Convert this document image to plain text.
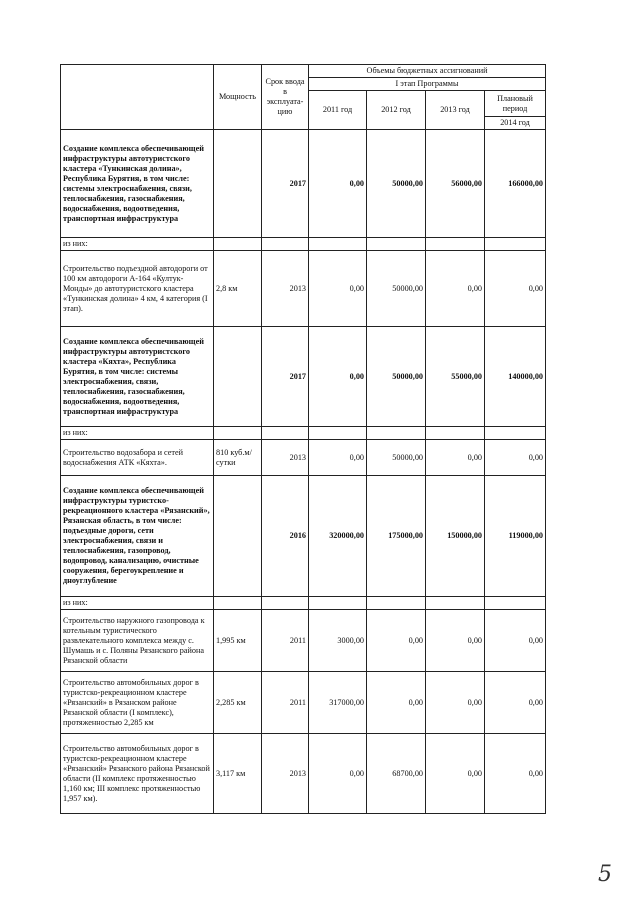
	Мощность	Срок ввода в эксплуата-цию	Объемы бюджетных ассигнований			
			I этап Программы			
			2011 год	2012 год	2013 год	Плановый период
						2014 год
Создание комплекса обеспечивающей инфраструктуры автотуристского кластера «Тункинская долина», Республика Бурятия, в том числе: системы электроснабжения, связи, теплоснабжения, газоснабжения, водоснабжения, водоотведения, транспортная инфраструктура		2017	0,00	50000,00	56000,00	166000,00
из них:						
Строительство подъездной автодороги от 100 км автодороги А-164 «Култук-Монды» до автотуристского кластера «Тункинская долина» 4 км, 4 категория (I этап).	2,8 км	2013	0,00	50000,00	0,00	0,00
Создание комплекса обеспечивающей инфраструктуры автотуристского кластера «Кяхта», Республика Бурятия, в том числе: системы электроснабжения, связи, теплоснабжения, газоснабжения, водоснабжения, водоотведения, транспортная инфраструктура		2017	0,00	50000,00	55000,00	140000,00
из них:						
Строительство водозабора и сетей водоснабжения АТК «Кяхта».	810 куб.м/сутки	2013	0,00	50000,00	0,00	0,00
Создание комплекса обеспечивающей инфраструктуры туристско-рекреационного кластера «Рязанский», Рязанская область, в том числе: подъездные дороги, сети электроснабжения, связи и теплоснабжения, газопровод, водопровод, канализацию, очистные сооружения, берегоукрепление и дноуглубление		2016	320000,00	175000,00	150000,00	119000,00
из них:						
Строительство наружного газопровода к котельным туристического развлекательного комплекса между с. Шумашь и с. Поляны Рязанского района Рязанской области	1,995 км	2011	3000,00	0,00	0,00	0,00
Строительство автомобильных дорог в туристско-рекреационном кластере «Рязанский» в Рязанском районе Рязанской области (I комплекс), протяженностью 2,285 км	2,285 км	2011	317000,00	0,00	0,00	0,00
Строительство автомобильных дорог в туристско-рекреационном кластере «Рязанский» Рязанского района Рязанской области (II комплекс протяженностью 1,160 км; III комплекс протяженностью 1,957 км).	3,117 км	2013	0,00	68700,00	0,00	0,00
5
